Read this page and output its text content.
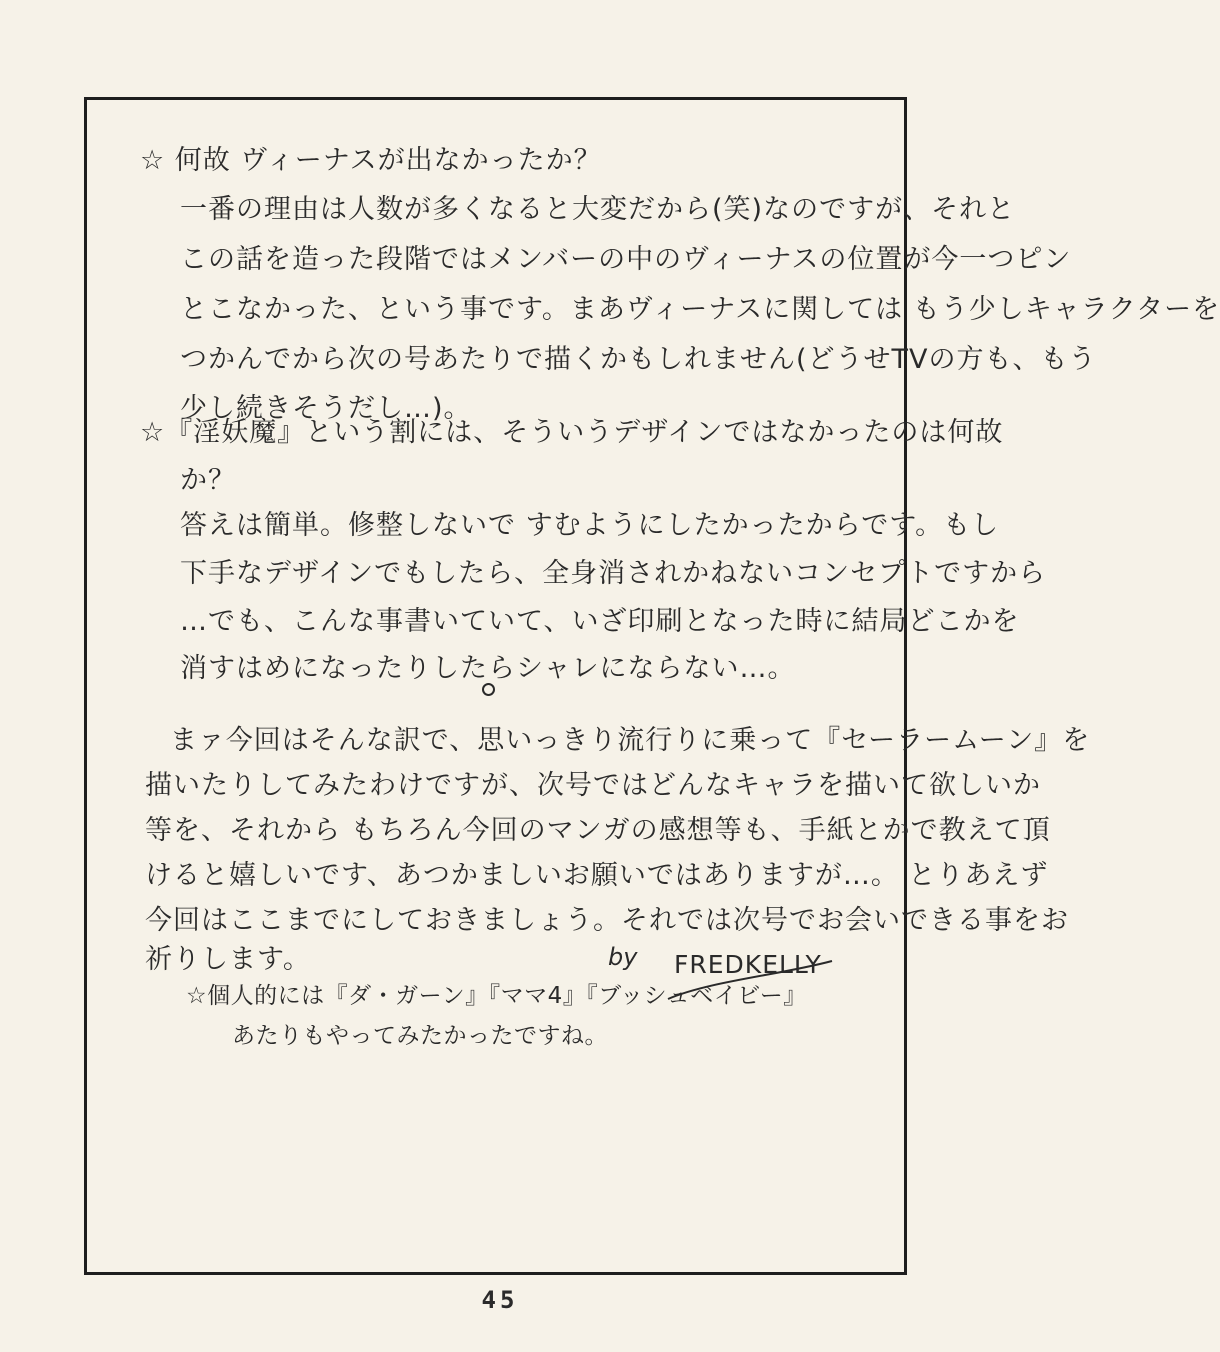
☆ 何故 ヴィーナスが出なかったか？
一番の理由は人数が多くなると大変だから(笑)なのですが、それと
この話を造った段階ではメンバーの中のヴィーナスの位置が今一つピン
とこなかった、という事です。まあヴィーナスに関しては もう少しキャラクターを
つかんでから次の号あたりで描くかもしれません(どうせTVの方も、もう
少し続きそうだし…)。
☆『淫妖魔』という割には、そういうデザインではなかったのは何故
か？
答えは簡単。修整しないで すむようにしたかったからです。もし
下手なデザインでもしたら、全身消されかねないコンセプトですから
…でも、こんな事書いていて、いざ印刷となった時に結局どこかを
消すはめになったりしたらシャレにならない…。
まァ今回はそんな訳で、思いっきり流行りに乗って『セーラームーン』を
描いたりしてみたわけですが、次号ではどんなキャラを描いて欲しいか
等を、それから もちろん今回のマンガの感想等も、手紙とかで教えて頂
けると嬉しいです、あつかましいお願いではありますが…。 とりあえず
今回はここまでにしておきましょう。それでは次号でお会いできる事をお
祈りします。	by FREDKELLY
☆個人的には『ダ・ガーン』『ママ4』『ブッシュベイビー』
あたりもやってみたかったですね。
45
